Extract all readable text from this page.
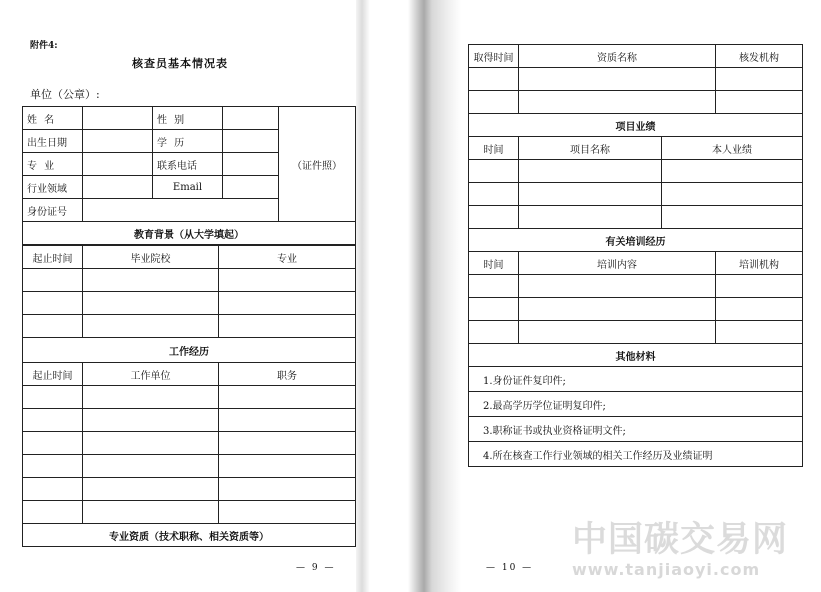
附件4:
核查员基本情况表
单位（公章）:
姓 名		性 别		（证件照）
出生日期		学 历		
专 业		联系电话		
行业领域		Email		
身份证号				
教育背景（从大学填起）				
起止时间	毕业院校	专业

工作经历		
起止时间	工作单位	职务

专业资质（技术职称、相关资质等）		
— 9 —	— 10 —
取得时间	资质名称		核发机构

项目业绩			
时间	项目名称	本人业绩	

有关培训经历			
时间	培训内容		培训机构

其他材料			
1.身份证件复印件;			
2.最高学历学位证明复印件;			
3.职称证书或执业资格证明文件;			
4.所在核查工作行业领域的相关工作经历及业绩证明			
中国碳交易网
www.tanjiaoyi.com
